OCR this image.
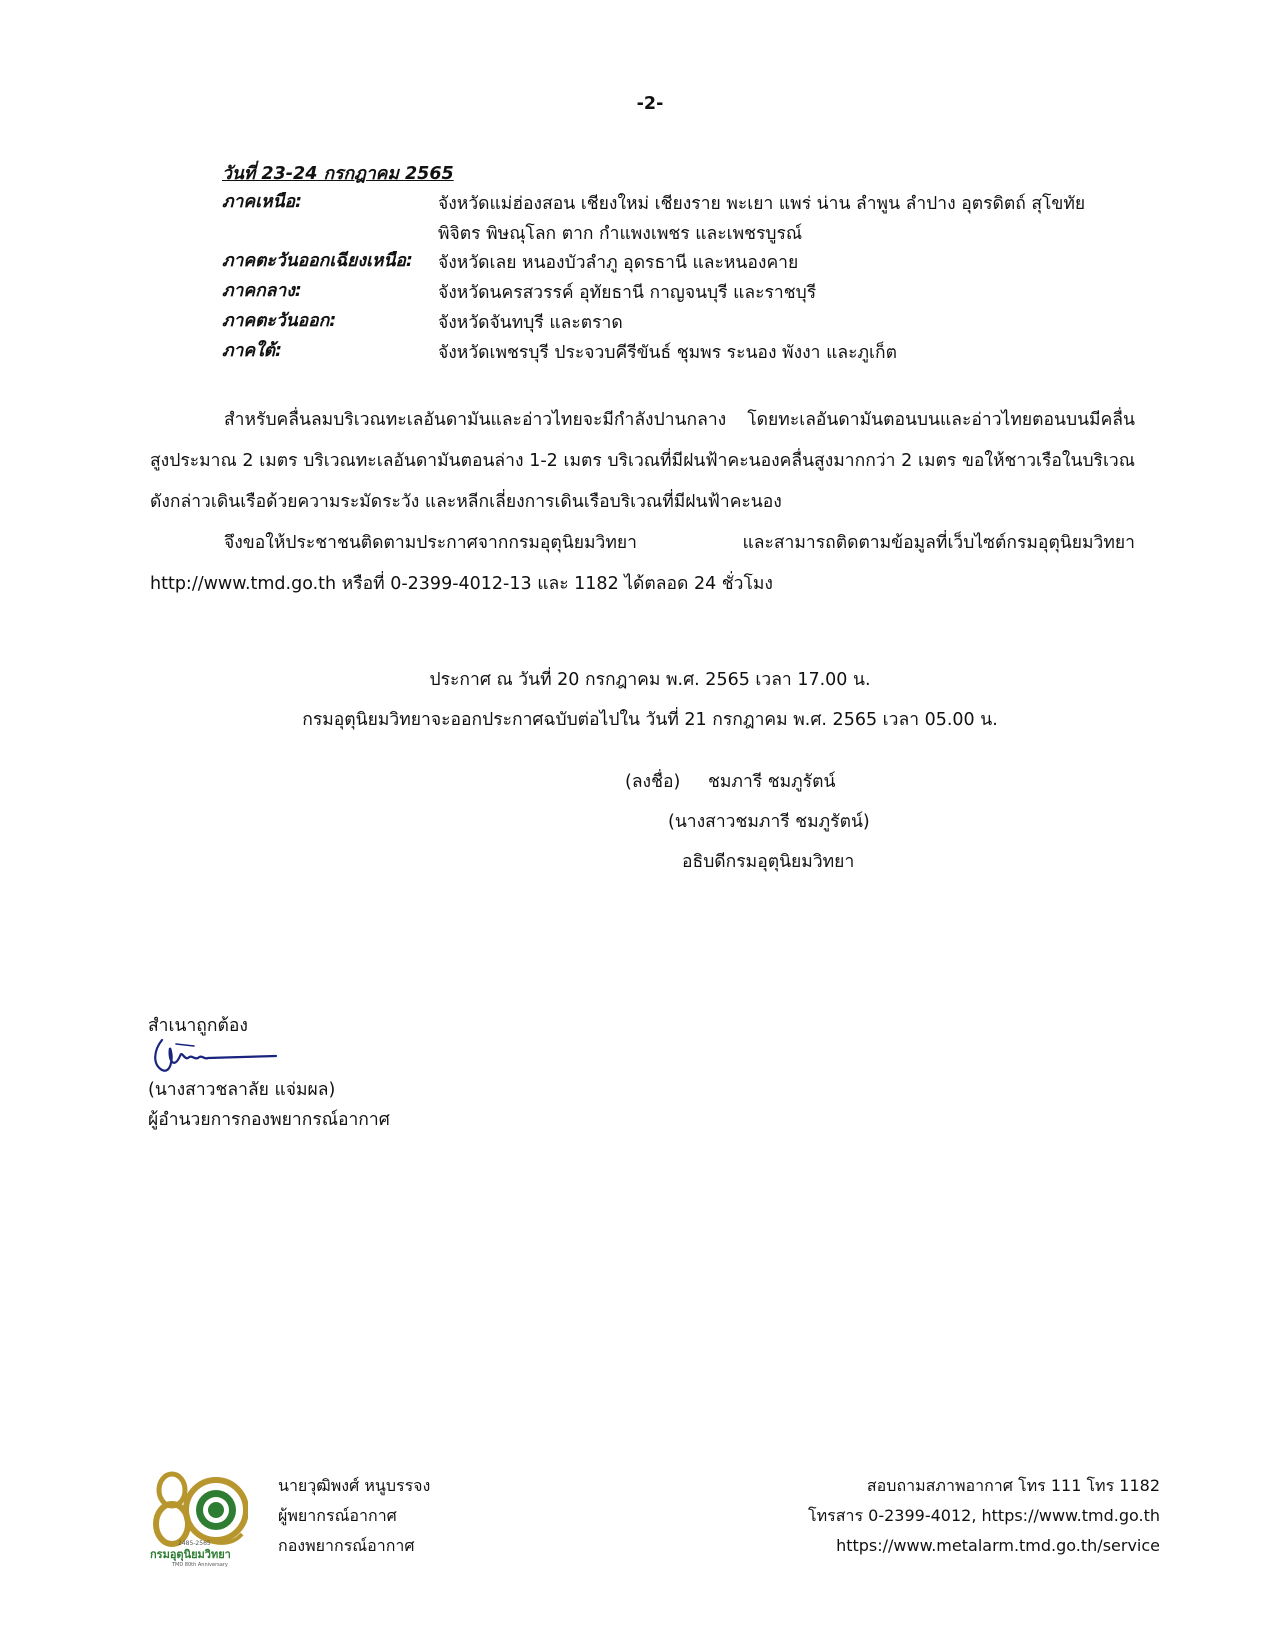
-2-
วันที่ 23-24 กรกฎาคม 2565
ภาคเหนือ:	จังหวัดแม่ฮ่องสอน เชียงใหม่ เชียงราย พะเยา แพร่ น่าน ลำพูน ลำปาง อุตรดิตถ์ สุโขทัย พิจิตร พิษณุโลก ตาก กำแพงเพชร และเพชรบูรณ์
ภาคตะวันออกเฉียงเหนือ: จังหวัดเลย หนองบัวลำภู อุดรธานี และหนองคาย
ภาคกลาง:	จังหวัดนครสวรรค์ อุทัยธานี กาญจนบุรี และราชบุรี
ภาคตะวันออก:	จังหวัดจันทบุรี และตราด
ภาคใต้:	จังหวัดเพชรบุรี ประจวบคีรีขันธ์ ชุมพร ระนอง พังงา และภูเก็ต
สำหรับคลื่นลมบริเวณทะเลอันดามันและอ่าวไทยจะมีกำลังปานกลาง โดยทะเลอันดามันตอนบนและอ่าวไทยตอนบนมีคลื่นสูงประมาณ 2 เมตร บริเวณทะเลอันดามันตอนล่าง 1-2 เมตร บริเวณที่มีฝนฟ้าคะนองคลื่นสูงมากกว่า 2 เมตร ขอให้ชาวเรือในบริเวณดังกล่าวเดินเรือด้วยความระมัดระวัง และหลีกเลี่ยงการเดินเรือบริเวณที่มีฝนฟ้าคะนอง
จึงขอให้ประชาชนติดตามประกาศจากกรมอุตุนิยมวิทยา และสามารถติดตามข้อมูลที่เว็บไซต์กรมอุตุนิยมวิทยา http://www.tmd.go.th หรือที่ 0-2399-4012-13 และ 1182 ได้ตลอด 24 ชั่วโมง
ประกาศ ณ วันที่ 20 กรกฎาคม พ.ศ. 2565 เวลา 17.00 น.
กรมอุตุนิยมวิทยาจะออกประกาศฉบับต่อไปใน วันที่ 21 กรกฎาคม พ.ศ. 2565 เวลา 05.00 น.
(ลงชื่อ) ชมภารี ชมภูรัตน์
(นางสาวชมภารี ชมภูรัตน์)
อธิบดีกรมอุตุนิยมวิทยา
สำเนาถูกต้อง
(นางสาวชลาลัย แจ่มผล)
ผู้อำนวยการกองพยากรณ์อากาศ
2485-2565
กรมอุตุนิยมวิทยา
TMD 80th Anniversary
นายวุฒิพงศ์ หนูบรรจง
ผู้พยากรณ์อากาศ
กองพยากรณ์อากาศ
สอบถามสภาพอากาศ โทร 111 โทร 1182
โทรสาร 0-2399-4012, https://www.tmd.go.th
https://www.metalarm.tmd.go.th/service
